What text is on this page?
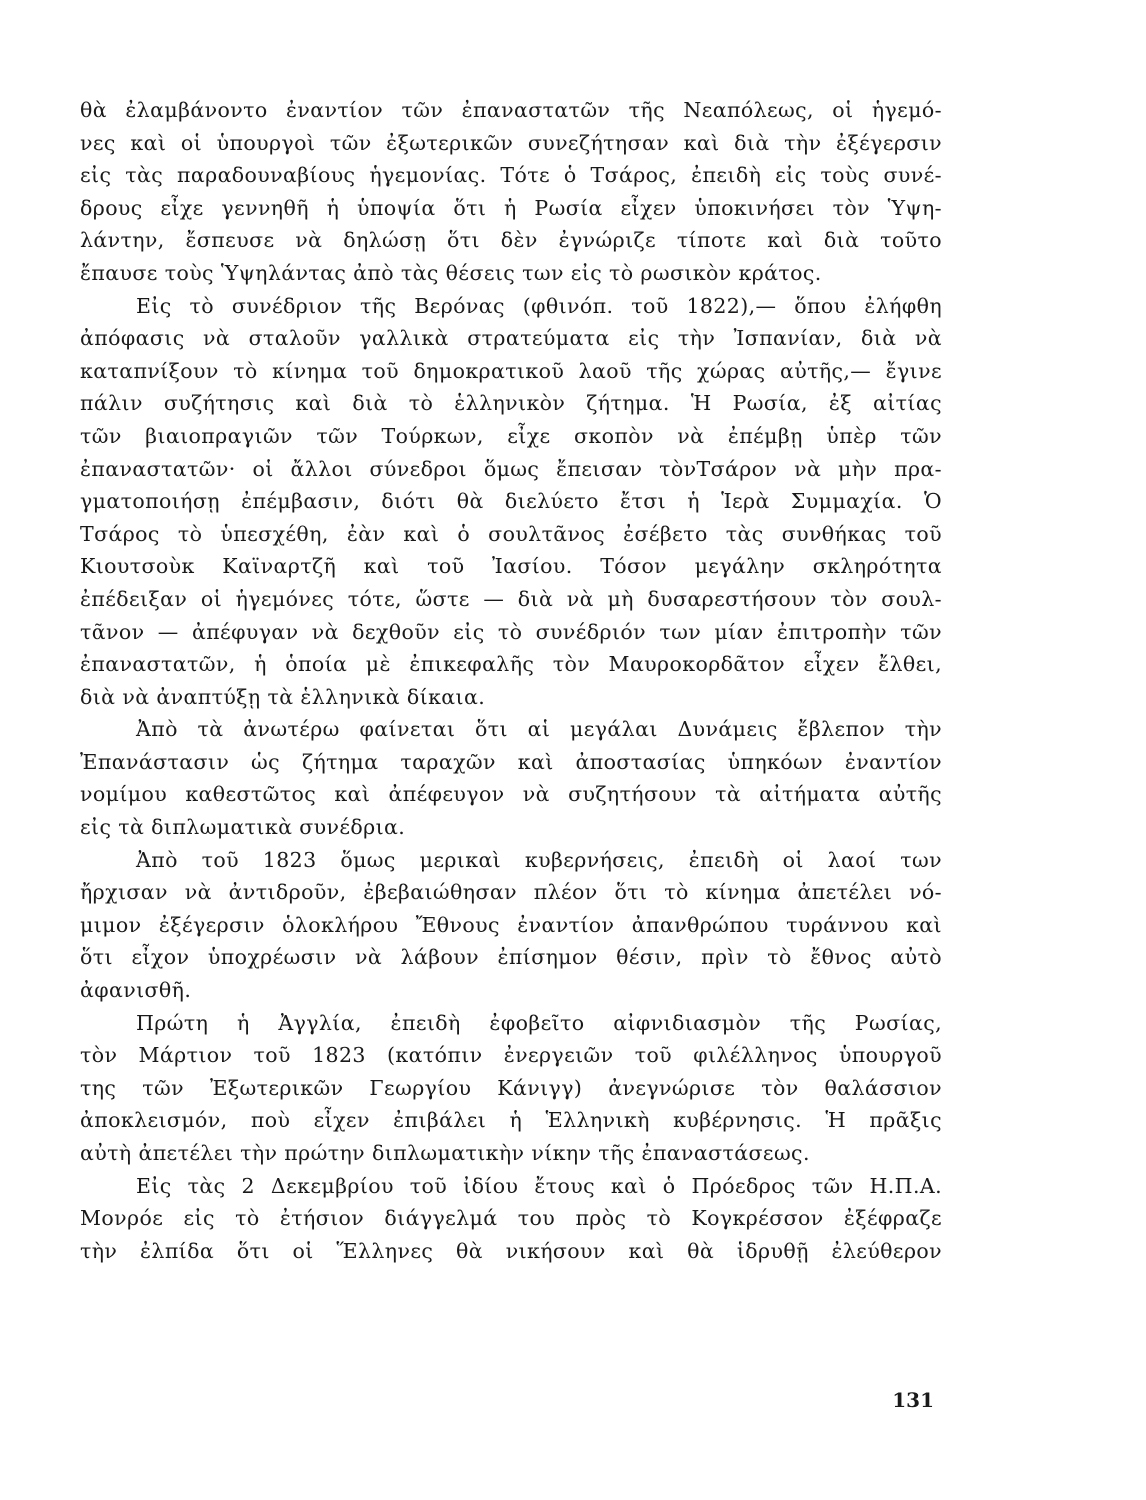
θὰ ἐλαμβάνοντο ἐναντίον τῶν ἐπαναστατῶν τῆς Νεαπόλεως, οἱ ἡγεμό-
νες καὶ οἱ ὑπουργοὶ τῶν ἐξωτερικῶν συνεζήτησαν καὶ διὰ τὴν ἐξέγερσιν
εἰς τὰς παραδουναβίους ἡγεμονίας. Τότε ὁ Τσάρος, ἐπειδὴ εἰς τοὺς συνέ-
δρους εἶχε γεννηθῆ ἡ ὑποψία ὅτι ἡ Ρωσία εἶχεν ὑποκινήσει τὸν Ὑψη-
λάντην, ἔσπευσε νὰ δηλώσῃ ὅτι δὲν ἐγνώριζε τίποτε καὶ διὰ τοῦτο
ἔπαυσε τοὺς Ὑψηλάντας ἀπὸ τὰς θέσεις των εἰς τὸ ρωσικὸν κράτος.
Εἰς τὸ συνέδριον τῆς Βερόνας (φθινόπ. τοῦ 1822),— ὅπου ἐλήφθη
ἀπόφασις νὰ σταλοῦν γαλλικὰ στρατεύματα εἰς τὴν Ἰσπανίαν, διὰ νὰ
καταπνίξουν τὸ κίνημα τοῦ δημοκρατικοῦ λαοῦ τῆς χώρας αὐτῆς,— ἔγινε
πάλιν συζήτησις καὶ διὰ τὸ ἑλληνικὸν ζήτημα. Ἡ Ρωσία, ἐξ αἰτίας
τῶν βιαιοπραγιῶν τῶν Τούρκων, εἶχε σκοπὸν νὰ ἐπέμβῃ ὑπὲρ τῶν
ἐπαναστατῶν· οἱ ἄλλοι σύνεδροι ὅμως ἔπεισαν τὸνΤσάρον νὰ μὴν πρα-
γματοποιήσῃ ἐπέμβασιν, διότι θὰ διελύετο ἔτσι ἡ Ἱερὰ Συμμαχία. Ὁ
Τσάρος τὸ ὑπεσχέθη, ἐὰν καὶ ὁ σουλτᾶνος ἐσέβετο τὰς συνθήκας τοῦ
Κιουτσοὺκ Καϊναρτζῆ καὶ τοῦ Ἰασίου. Τόσον μεγάλην σκληρότητα
ἐπέδειξαν οἱ ἡγεμόνες τότε, ὥστε — διὰ νὰ μὴ δυσαρεστήσουν τὸν σουλ-
τᾶνον — ἀπέφυγαν νὰ δεχθοῦν εἰς τὸ συνέδριόν των μίαν ἐπιτροπὴν τῶν
ἐπαναστατῶν, ἡ ὁποία μὲ ἐπικεφαλῆς τὸν Μαυροκορδᾶτον εἶχεν ἔλθει,
διὰ νὰ ἀναπτύξῃ τὰ ἑλληνικὰ δίκαια.
Ἀπὸ τὰ ἀνωτέρω φαίνεται ὅτι αἱ μεγάλαι Δυνάμεις ἔβλεπον τὴν
Ἐπανάστασιν ὡς ζήτημα ταραχῶν καὶ ἀποστασίας ὑπηκόων ἐναντίον
νομίμου καθεστῶτος καὶ ἀπέφευγον νὰ συζητήσουν τὰ αἰτήματα αὐτῆς
εἰς τὰ διπλωματικὰ συνέδρια.
Ἀπὸ τοῦ 1823 ὅμως μερικαὶ κυβερνήσεις, ἐπειδὴ οἱ λαοί των
ἤρχισαν νὰ ἀντιδροῦν, ἐβεβαιώθησαν πλέον ὅτι τὸ κίνημα ἀπετέλει νό-
μιμον ἐξέγερσιν ὁλοκλήρου Ἔθνους ἐναντίον ἀπανθρώπου τυράννου καὶ
ὅτι εἶχον ὑποχρέωσιν νὰ λάβουν ἐπίσημον θέσιν, πρὶν τὸ ἔθνος αὐτὸ
ἀφανισθῆ.
Πρώτη ἡ Ἀγγλία, ἐπειδὴ ἐφοβεῖτο αἰφνιδιασμὸν τῆς Ρωσίας,
τὸν Μάρτιον τοῦ 1823 (κατόπιν ἐνεργειῶν τοῦ φιλέλληνος ὑπουργοῦ
της τῶν Ἐξωτερικῶν Γεωργίου Κάνιγγ) ἀνεγνώρισε τὸν θαλάσσιον
ἀποκλεισμόν, ποὺ εἶχεν ἐπιβάλει ἡ Ἑλληνικὴ κυβέρνησις. Ἡ πρᾶξις
αὐτὴ ἀπετέλει τὴν πρώτην διπλωματικὴν νίκην τῆς ἐπαναστάσεως.
Εἰς τὰς 2 Δεκεμβρίου τοῦ ἰδίου ἔτους καὶ ὁ Πρόεδρος τῶν Η.Π.Α.
Μονρόε εἰς τὸ ἐτήσιον διάγγελμά του πρὸς τὸ Κογκρέσσον ἐξέφραζε
τὴν ἐλπίδα ὅτι οἱ Ἕλληνες θὰ νικήσουν καὶ θὰ ἱδρυθῇ ἐλεύθερον
131
